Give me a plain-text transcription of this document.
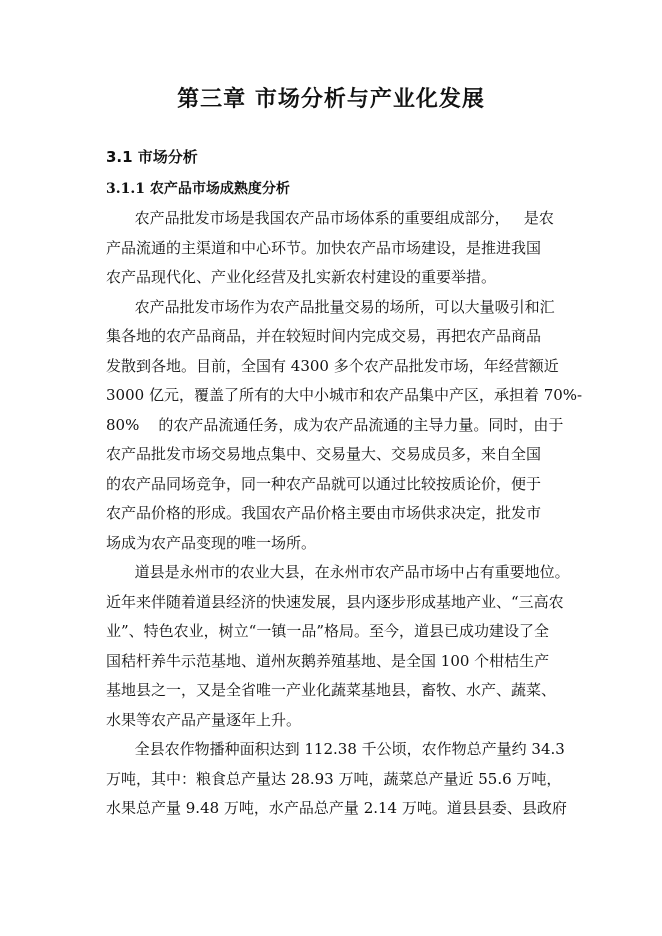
第三章 市场分析与产业化发展
3.1 市场分析
3.1.1 农产品市场成熟度分析
农产品批发市场是我国农产品市场体系的重要组成部分，   是农
产品流通的主渠道和中心环节。加快农产品市场建设，是推进我国
农产品现代化、产业化经营及扎实新农村建设的重要举措。
农产品批发市场作为农产品批量交易的场所，可以大量吸引和汇
集各地的农产品商品，并在较短时间内完成交易，再把农产品商品
发散到各地。目前，全国有 4300 多个农产品批发市场，年经营额近
3000 亿元，覆盖了所有的大中小城市和农产品集中产区，承担着 70%-
80%    的农产品流通任务，成为农产品流通的主导力量。同时，由于
农产品批发市场交易地点集中、交易量大、交易成员多，来自全国
的农产品同场竞争，同一种农产品就可以通过比较按质论价，便于
农产品价格的形成。我国农产品价格主要由市场供求决定，批发市
场成为农产品变现的唯一场所。
道县是永州市的农业大县，在永州市农产品市场中占有重要地位。
近年来伴随着道县经济的快速发展，县内逐步形成基地产业、“三高农
业”、特色农业，树立“一镇一品”格局。至今，道县已成功建设了全
国秸杆养牛示范基地、道州灰鹅养殖基地、是全国 100 个柑桔生产
基地县之一，又是全省唯一产业化蔬菜基地县，畜牧、水产、蔬菜、
水果等农产品产量逐年上升。
全县农作物播种面积达到 112.38 千公顷，农作物总产量约 34.3
万吨，其中：粮食总产量达 28.93 万吨，蔬菜总产量近 55.6 万吨，
水果总产量 9.48 万吨，水产品总产量 2.14 万吨。道县县委、县政府
